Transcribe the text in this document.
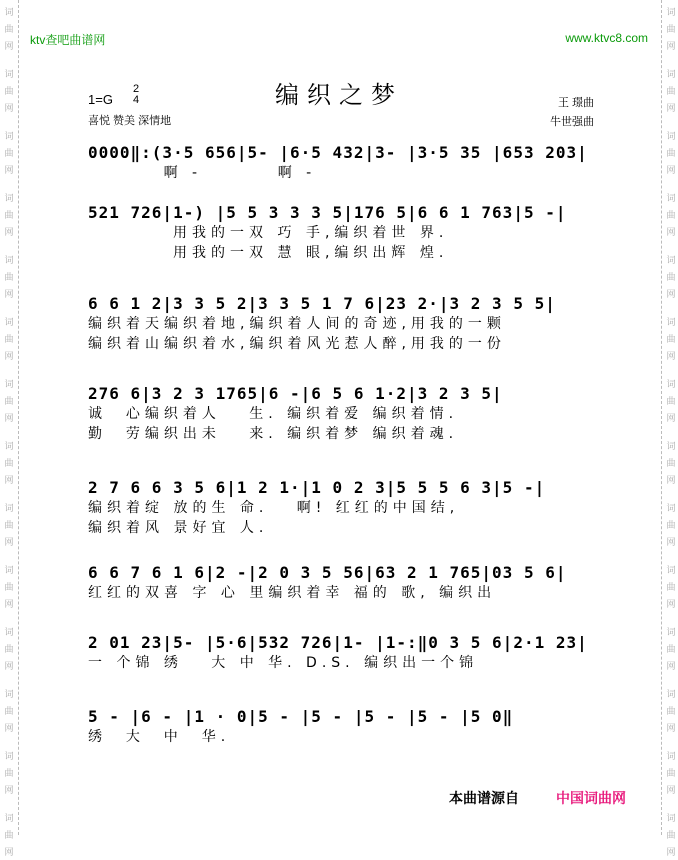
词
曲
网
词
曲
网
词
曲
网
词
曲
网
词
曲
网
词
曲
网
词
曲
网
词
曲
网
词
曲
网
词
曲
网
词
曲
网
词
曲
网
词
曲
网
词
曲
网
词
曲
网
词
曲
网
词
曲
网
词
曲
网
词
曲
网
词
曲
网
词
曲
网
词
曲
网
词
曲
网
词
曲
网
词
曲
网
词
曲
网
词
曲
网
词
曲
网
ktv查吧曲谱网	www.ktvc8.com
编织之梦
1=G
2
4
喜悦 赞美 深情地
王 璟曲
牛世强曲
0000‖:(3·5 656|5- |6·5 432|3- |3·5 35 |653 203|
啊 -        啊 -
521 726|1-) |5 5 3 3 3 5|176 5|6 6 1 763|5 -|
用我的一双 巧 手,编织着世 界.
用我的一双 慧 眼,编织出辉 煌.
6 6 1 2|3 3 5 2|3 3 5 1 7 6|23 2·|3 2 3 5 5|
编织着天编织着地,编织着人间的奇迹,用我的一颗
编织着山编织着水,编织着风光惹人醉,用我的一份
276 6|3 2 3 1765|6 -|6 5 6 1·2|3 2 3 5|
诚  心编织着人   生. 编织着爱 编织着情.
勤  劳编织出未   来. 编织着梦 编织着魂.
2 7 6 6 3 5 6|1 2 1·|1 0 2 3|5 5 5 6 3|5 -|
编织着绽 放的生 命.   啊! 红红的中国结,
编织着风 景好宜 人.
6 6 7 6 1 6|2 -|2 0 3 5 56|63 2 1 765|03 5 6|
红红的双喜 字 心 里编织着幸 福的 歌, 编织出
2 01 23|5- |5·6|532 726|1- |1-:‖0 3 5 6|2·1 23|
一 个锦 绣   大 中 华. D.S. 编织出一个锦
5 - |6 - |1 · 0|5 - |5 - |5 - |5 - |5 0‖
绣  大  中  华.
本曲谱源自	中国词曲网
